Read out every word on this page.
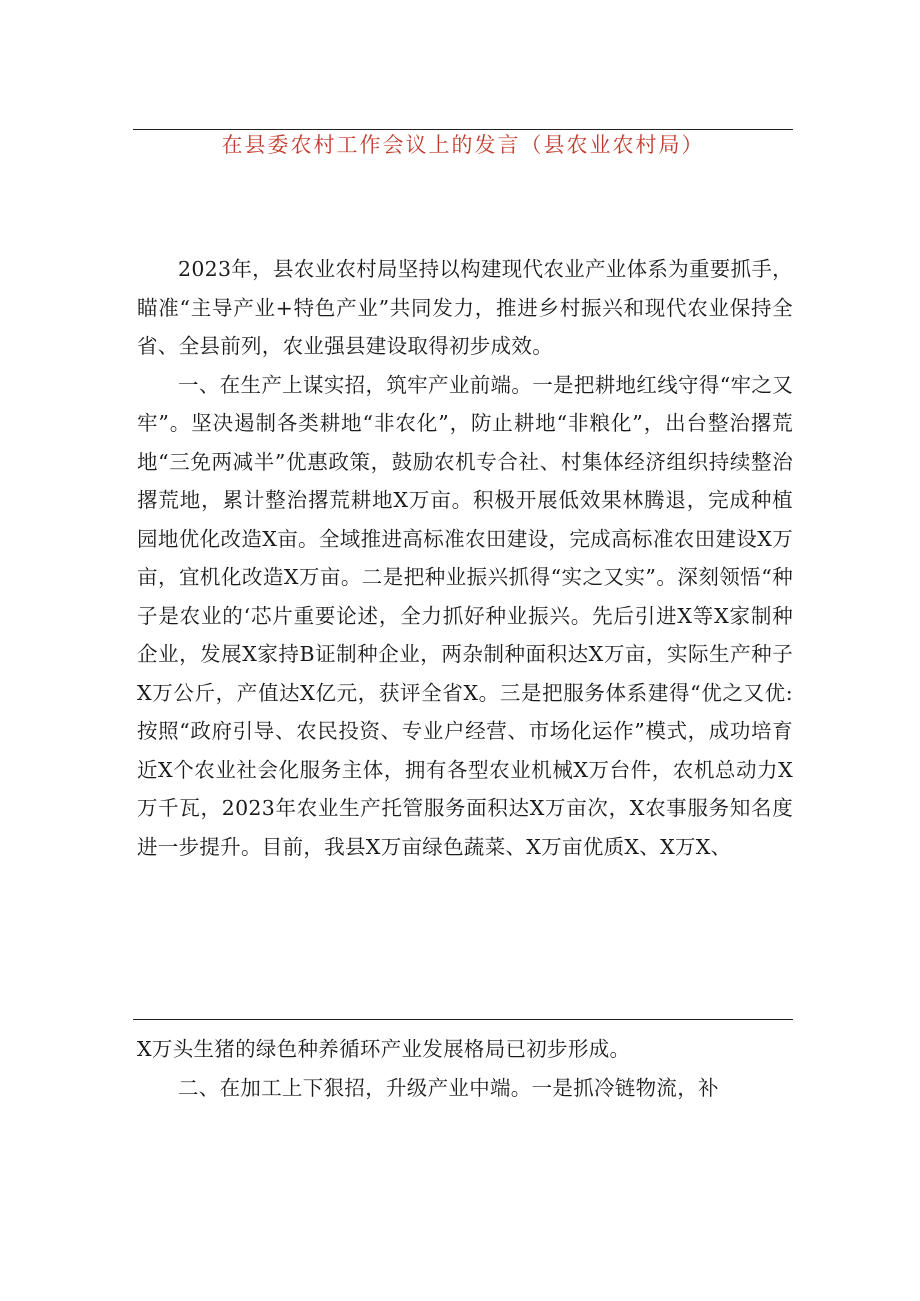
在县委农村工作会议上的发言（县农业农村局）

2023年，县农业农村局坚持以构建现代农业产业体系为重要抓手，瞄准“主导产业+特色产业”共同发力，推进乡村振兴和现代农业保持全省、全县前列，农业强县建设取得初步成效。

一、在生产上谋实招，筑牢产业前端。一是把耕地红线守得“牢之又牢”。坚决遏制各类耕地“非农化”，防止耕地“非粮化”，出台整治撂荒地“三免两减半”优惠政策，鼓励农机专合社、村集体经济组织持续整治撂荒地，累计整治撂荒耕地X万亩。积极开展低效果林腾退，完成种植园地优化改造X亩。全域推进高标准农田建设，完成高标准农田建设X万亩，宜机化改造X万亩。二是把种业振兴抓得“实之又实”。深刻领悟“种子是农业的‘芯片重要论述，全力抓好种业振兴。先后引进X等X家制种企业，发展X家持B证制种企业，两杂制种面积达X万亩，实际生产种子X万公斤，产值达X亿元，获评全省X。三是把服务体系建得“优之又优:按照“政府引导、农民投资、专业户经营、市场化运作”模式，成功培育近X个农业社会化服务主体，拥有各型农业机械X万台件，农机总动力X万千瓦，2023年农业生产托管服务面积达X万亩次，X农事服务知名度进一步提升。目前，我县X万亩绿色蔬菜、X万亩优质X、X万X、

X万头生猪的绿色种养循环产业发展格局已初步形成。

二、在加工上下狠招，升级产业中端。一是抓冷链物流，补
